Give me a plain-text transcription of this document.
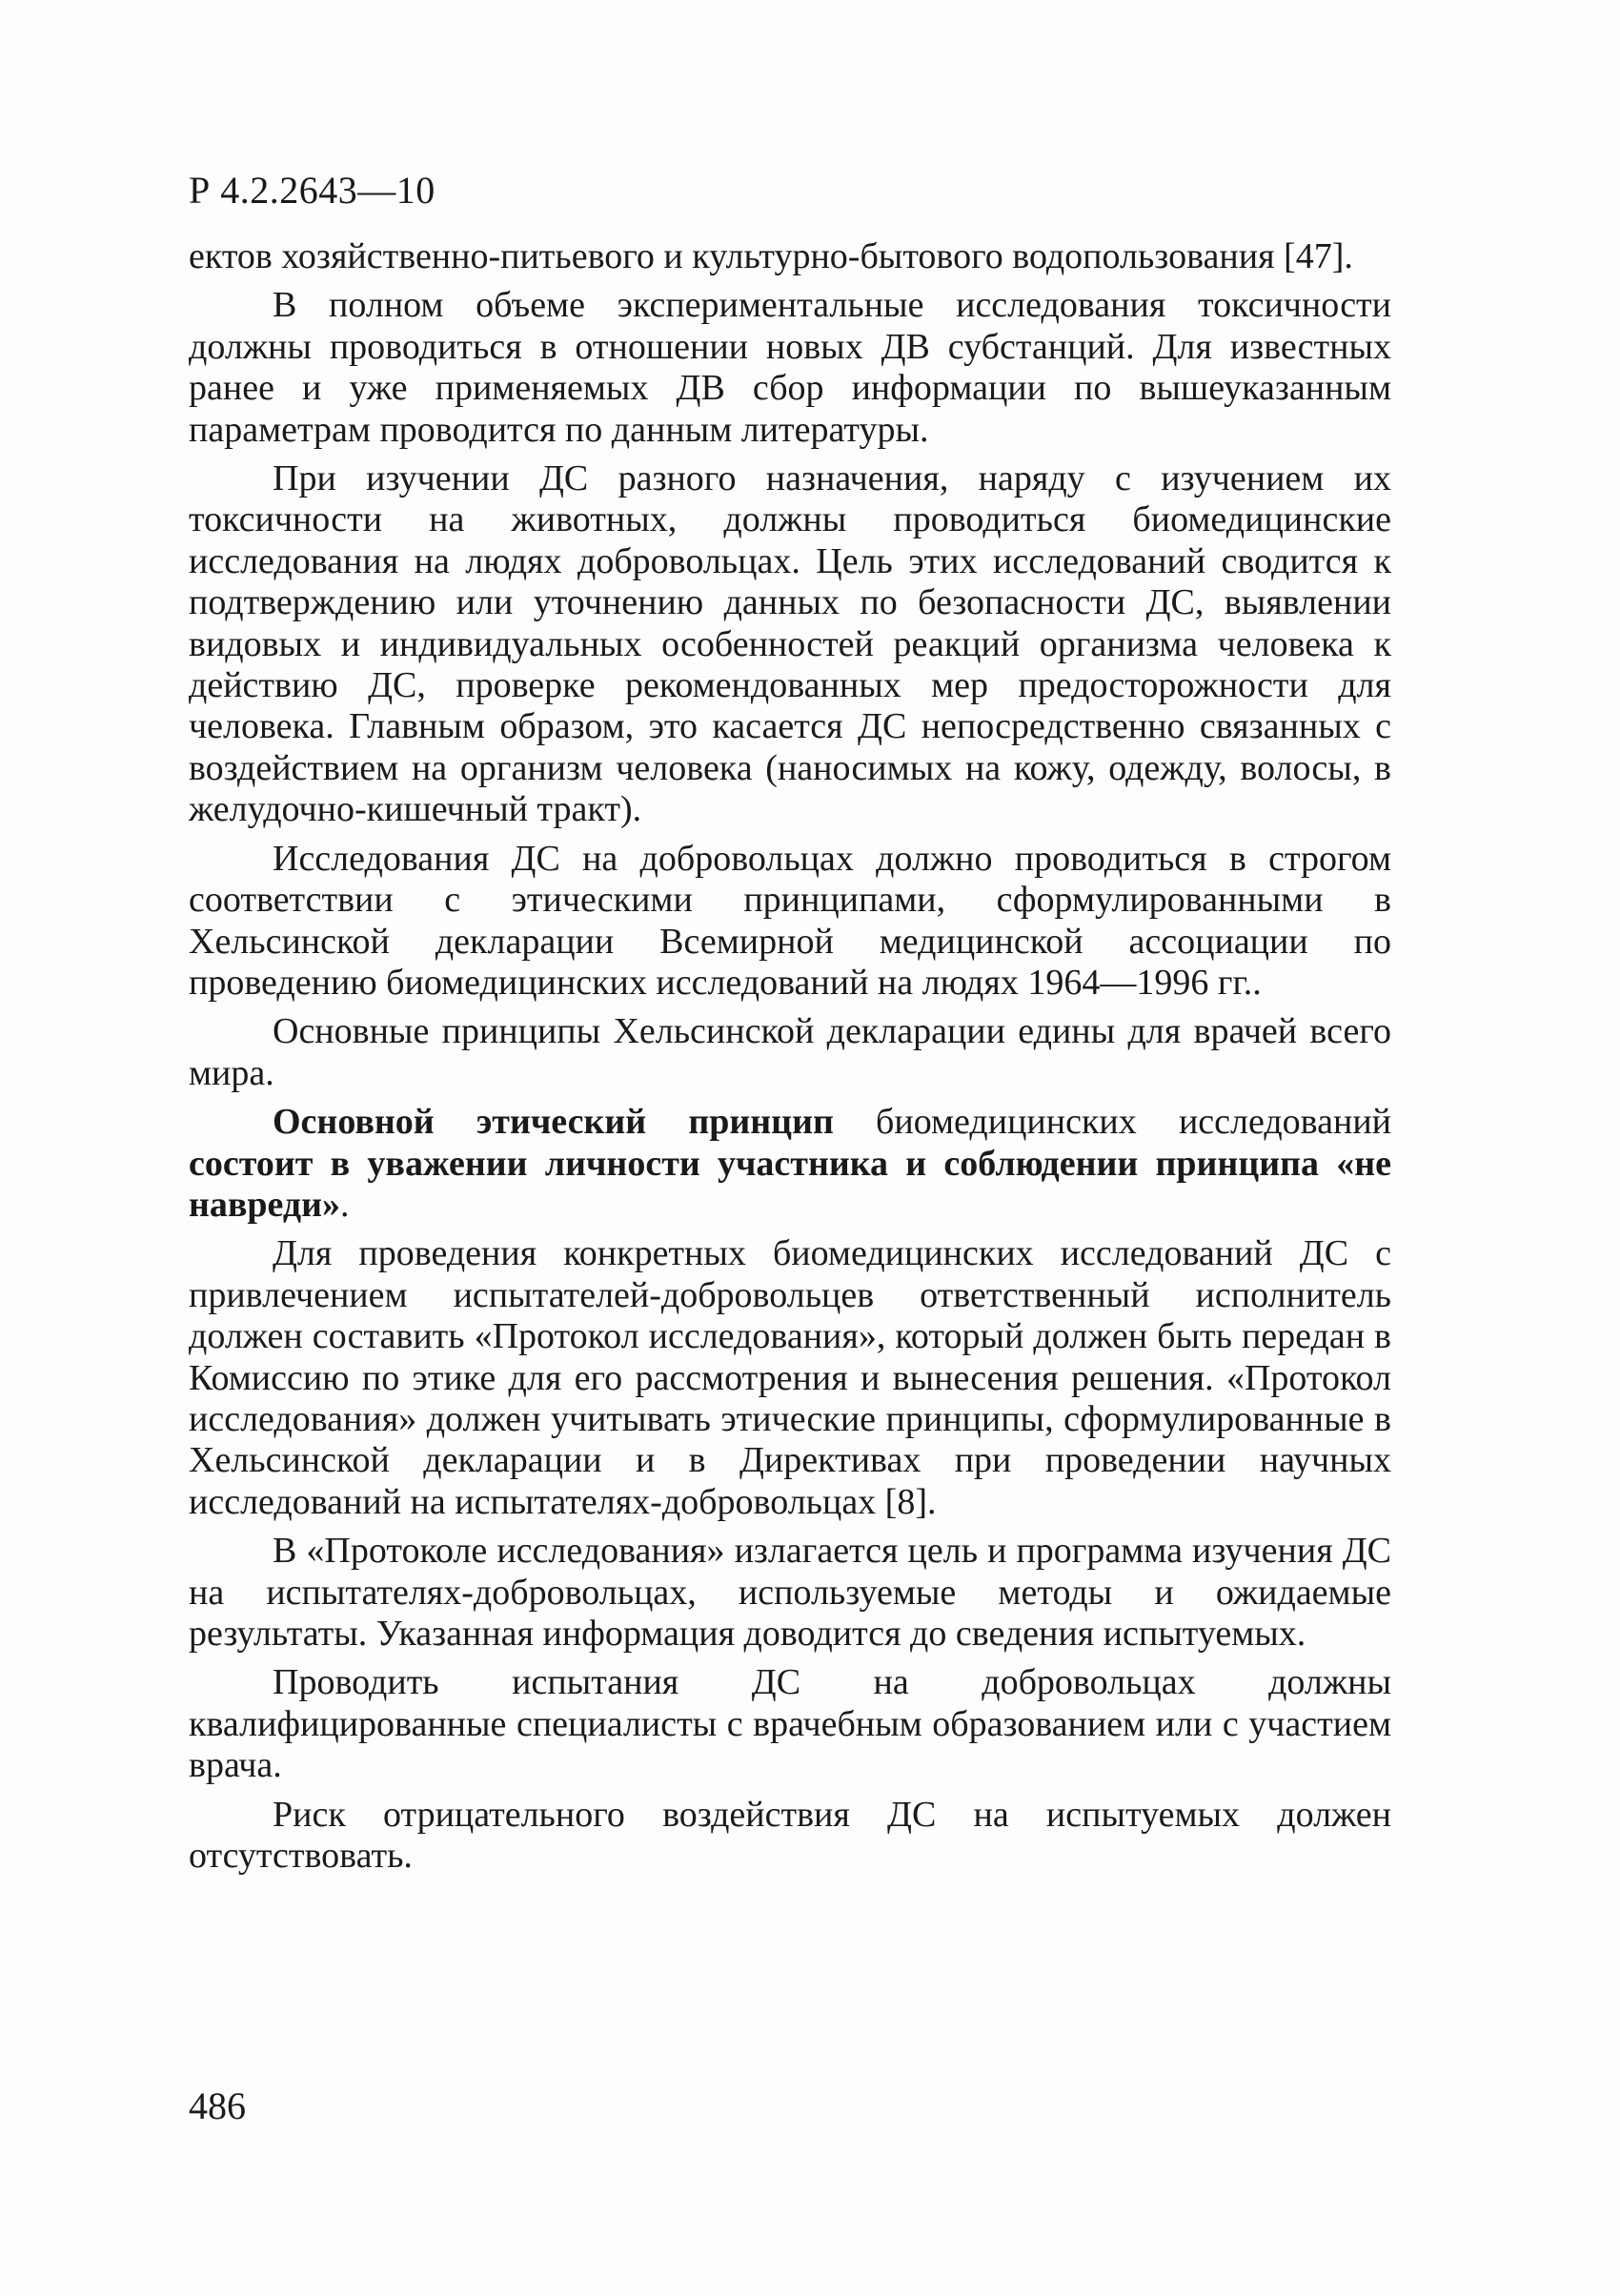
Р 4.2.2643—10

ектов хозяйственно-питьевого и культурно-бытового водопользования [47].

В полном объеме экспериментальные исследования токсичности должны проводиться в отношении новых ДВ субстанций. Для известных ранее и уже применяемых ДВ сбор информации по вышеуказанным параметрам проводится по данным литературы.

При изучении ДС разного назначения, наряду с изучением их токсичности на животных, должны проводиться биомедицинские исследования на людях добровольцах. Цель этих исследований сводится к подтверждению или уточнению данных по безопасности ДС, выявлении видовых и индивидуальных особенностей реакций организма человека к действию ДС, проверке рекомендованных мер предосторожности для человека. Главным образом, это касается ДС непосредственно связанных с воздействием на организм человека (наносимых на кожу, одежду, волосы, в желудочно-кишечный тракт).

Исследования ДС на добровольцах должно проводиться в строгом соответствии с этическими принципами, сформулированными в Хельсинской декларации Всемирной медицинской ассоциации по проведению биомедицинских исследований на людях 1964—1996 гг..

Основные принципы Хельсинской декларации едины для врачей всего мира.

Основной этический принцип биомедицинских исследований состоит в уважении личности участника и соблюдении принципа «не навреди».

Для проведения конкретных биомедицинских исследований ДС с привлечением испытателей-добровольцев ответственный исполнитель должен составить «Протокол исследования», который должен быть передан в Комиссию по этике для его рассмотрения и вынесения решения. «Протокол исследования» должен учитывать этические принципы, сформулированные в Хельсинской декларации и в Директивах при проведении научных исследований на испытателях-добровольцах [8].

В «Протоколе исследования» излагается цель и программа изучения ДС на испытателях-добровольцах, используемые методы и ожидаемые результаты. Указанная информация доводится до сведения испытуемых.

Проводить испытания ДС на добровольцах должны квалифицированные специалисты с врачебным образованием или с участием врача.

Риск отрицательного воздействия ДС на испытуемых должен отсутствовать.

486
